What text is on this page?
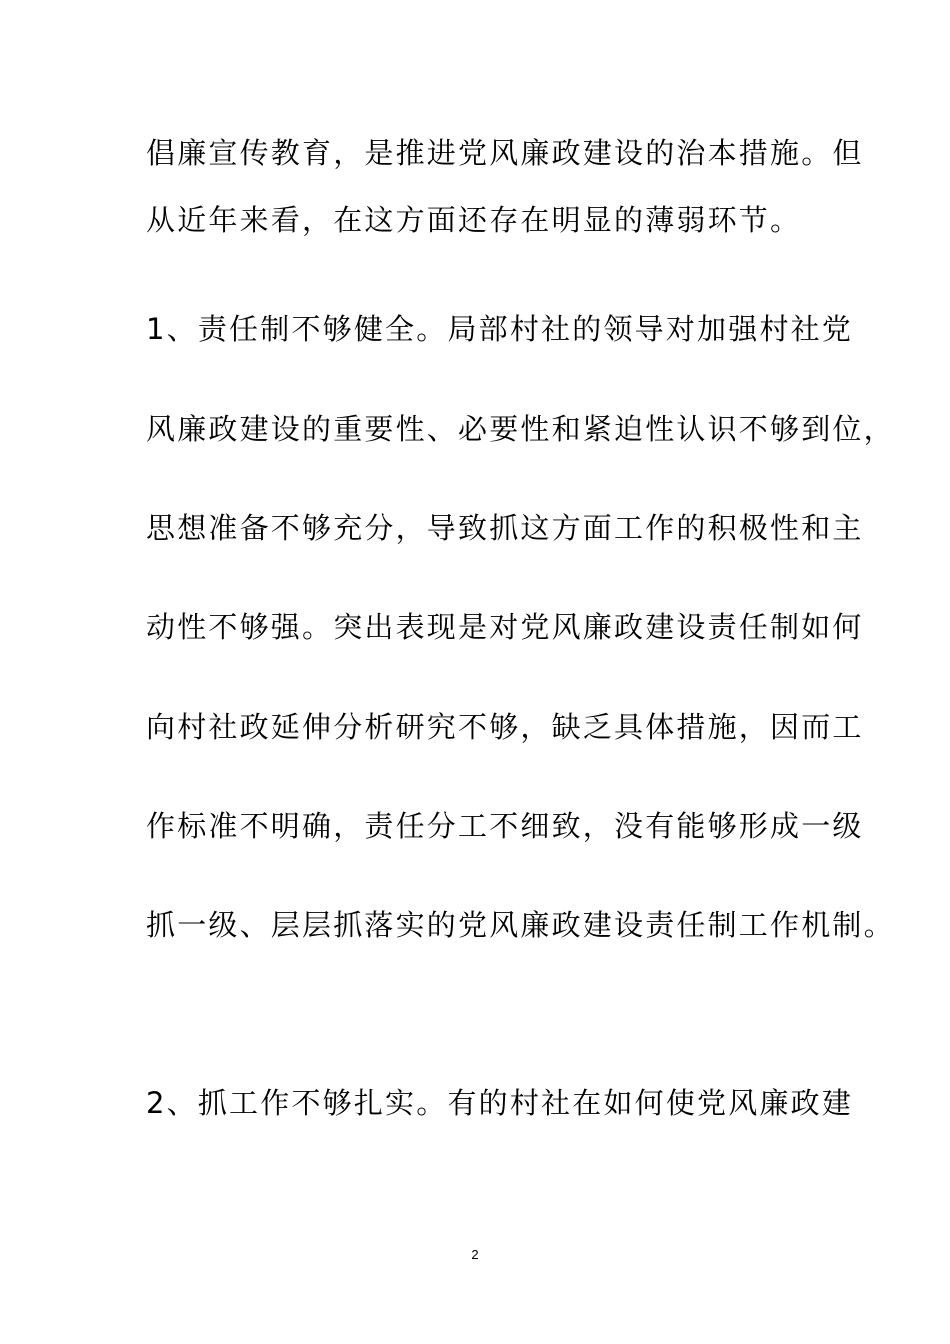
倡廉宣传教育，是推进党风廉政建设的治本措施。但
从近年来看，在这方面还存在明显的薄弱环节。
1、责任制不够健全。局部村社的领导对加强村社党
风廉政建设的重要性、必要性和紧迫性认识不够到位，
思想准备不够充分，导致抓这方面工作的积极性和主
动性不够强。突出表现是对党风廉政建设责任制如何
向村社政延伸分析研究不够，缺乏具体措施，因而工
作标准不明确，责任分工不细致，没有能够形成一级
抓一级、层层抓落实的党风廉政建设责任制工作机制。
2、抓工作不够扎实。有的村社在如何使党风廉政建
2
